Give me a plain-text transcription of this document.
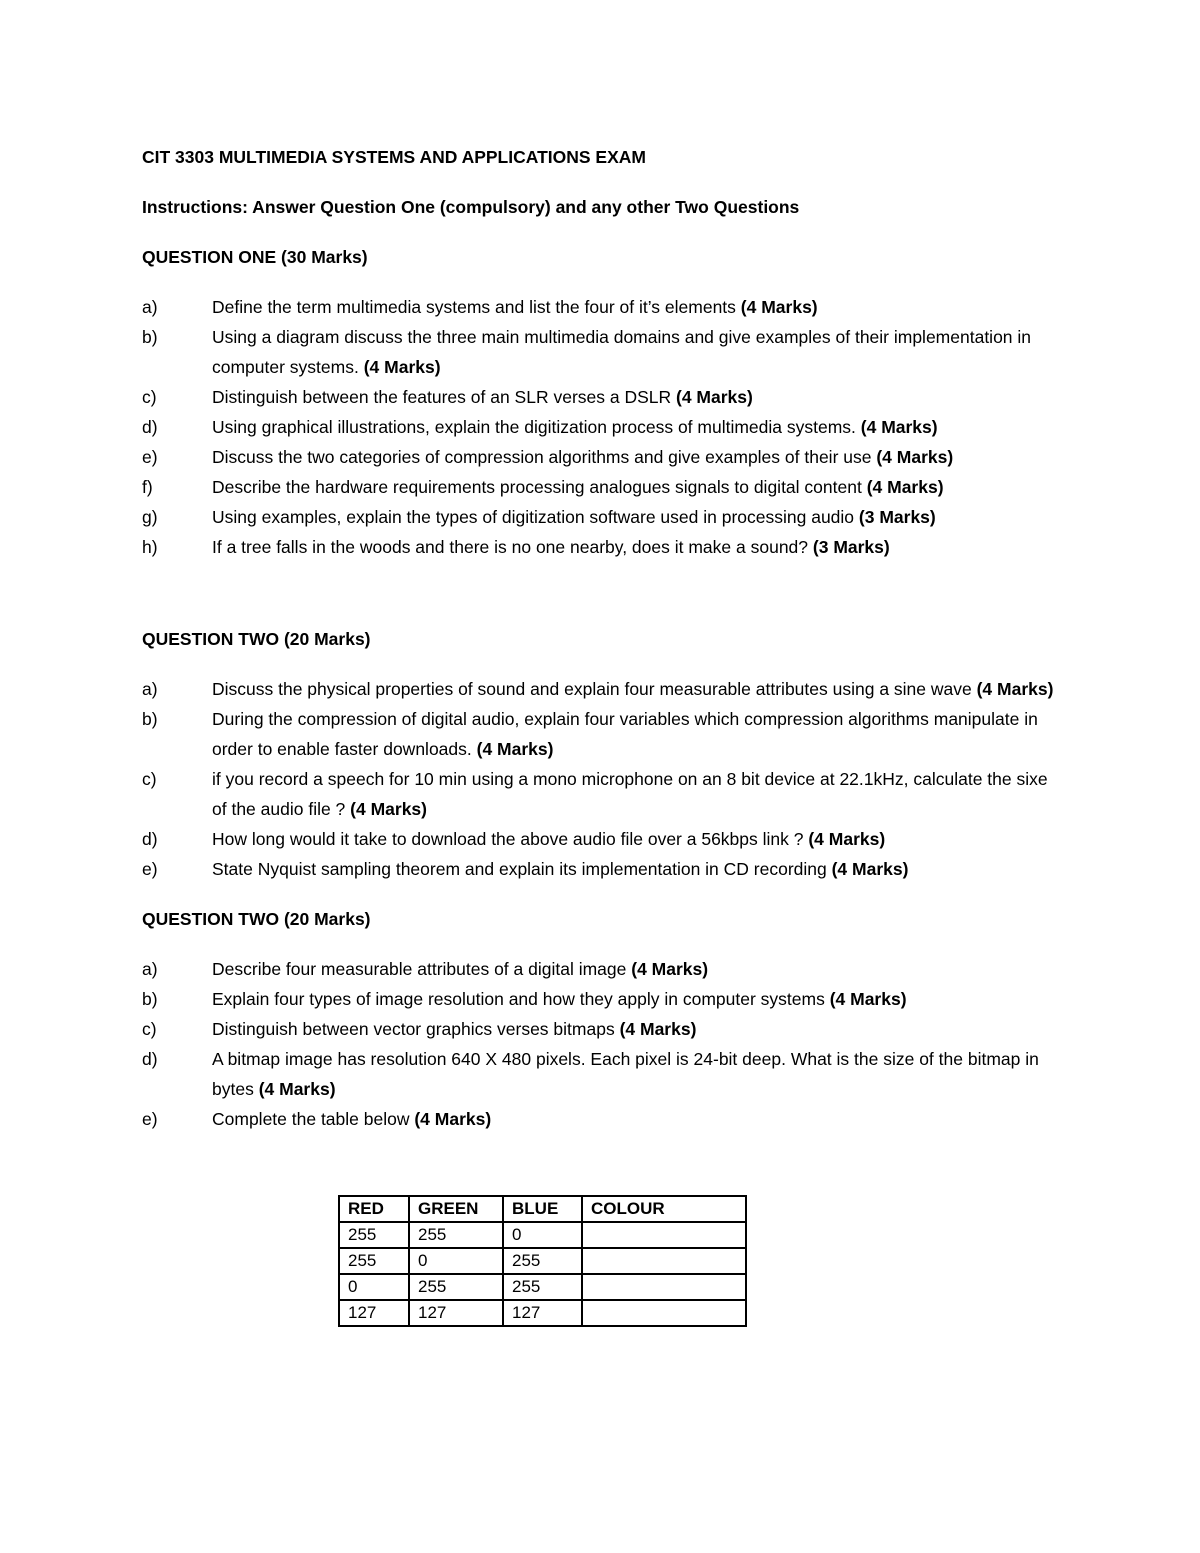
CIT 3303 MULTIMEDIA SYSTEMS AND APPLICATIONS EXAM

Instructions: Answer Question One (compulsory) and any other Two Questions

QUESTION ONE (30 Marks)

a)	Define the term multimedia systems and list the four of it’s elements (4 Marks)
b)	Using a diagram discuss the three main multimedia domains and give examples of their implementation in computer systems. (4 Marks)
c)	Distinguish between the features of an SLR verses a DSLR (4 Marks)
d)	Using graphical illustrations, explain the digitization process of multimedia systems. (4 Marks)
e)	Discuss the two categories of compression algorithms and give examples of their use (4 Marks)
f)	Describe the hardware requirements processing analogues signals to digital content (4 Marks)
g)	Using examples, explain the types of digitization software used in processing audio (3 Marks)
h)	If a tree falls in the woods and there is no one nearby, does it make a sound? (3 Marks)

QUESTION TWO (20 Marks)

a)	Discuss the physical properties of sound and explain four measurable attributes using a sine wave (4 Marks)
b)	During the compression of digital audio, explain four variables which compression algorithms manipulate in order to enable faster downloads. (4 Marks)
c)	if you record a speech for 10 min using a mono microphone on an 8 bit device at 22.1kHz, calculate the sixe of the audio file ? (4 Marks)
d)	How long would it take to download the above audio file over a 56kbps link ? (4 Marks)
e)	State Nyquist sampling theorem and explain its implementation in CD recording (4 Marks)

QUESTION TWO (20 Marks)

a)	Describe four measurable attributes of a digital image (4 Marks)
b)	Explain four types of image resolution and how they apply in computer systems (4 Marks)
c)	Distinguish between vector graphics verses bitmaps (4 Marks)
d)	A bitmap image has resolution 640 X 480 pixels. Each pixel is 24-bit deep. What is the size of the bitmap in bytes (4 Marks)
e)	Complete the table below (4 Marks)
RED	GREEN	BLUE	COLOUR
255	255	0	
255	0	255	
0	255	255	
127	127	127	
